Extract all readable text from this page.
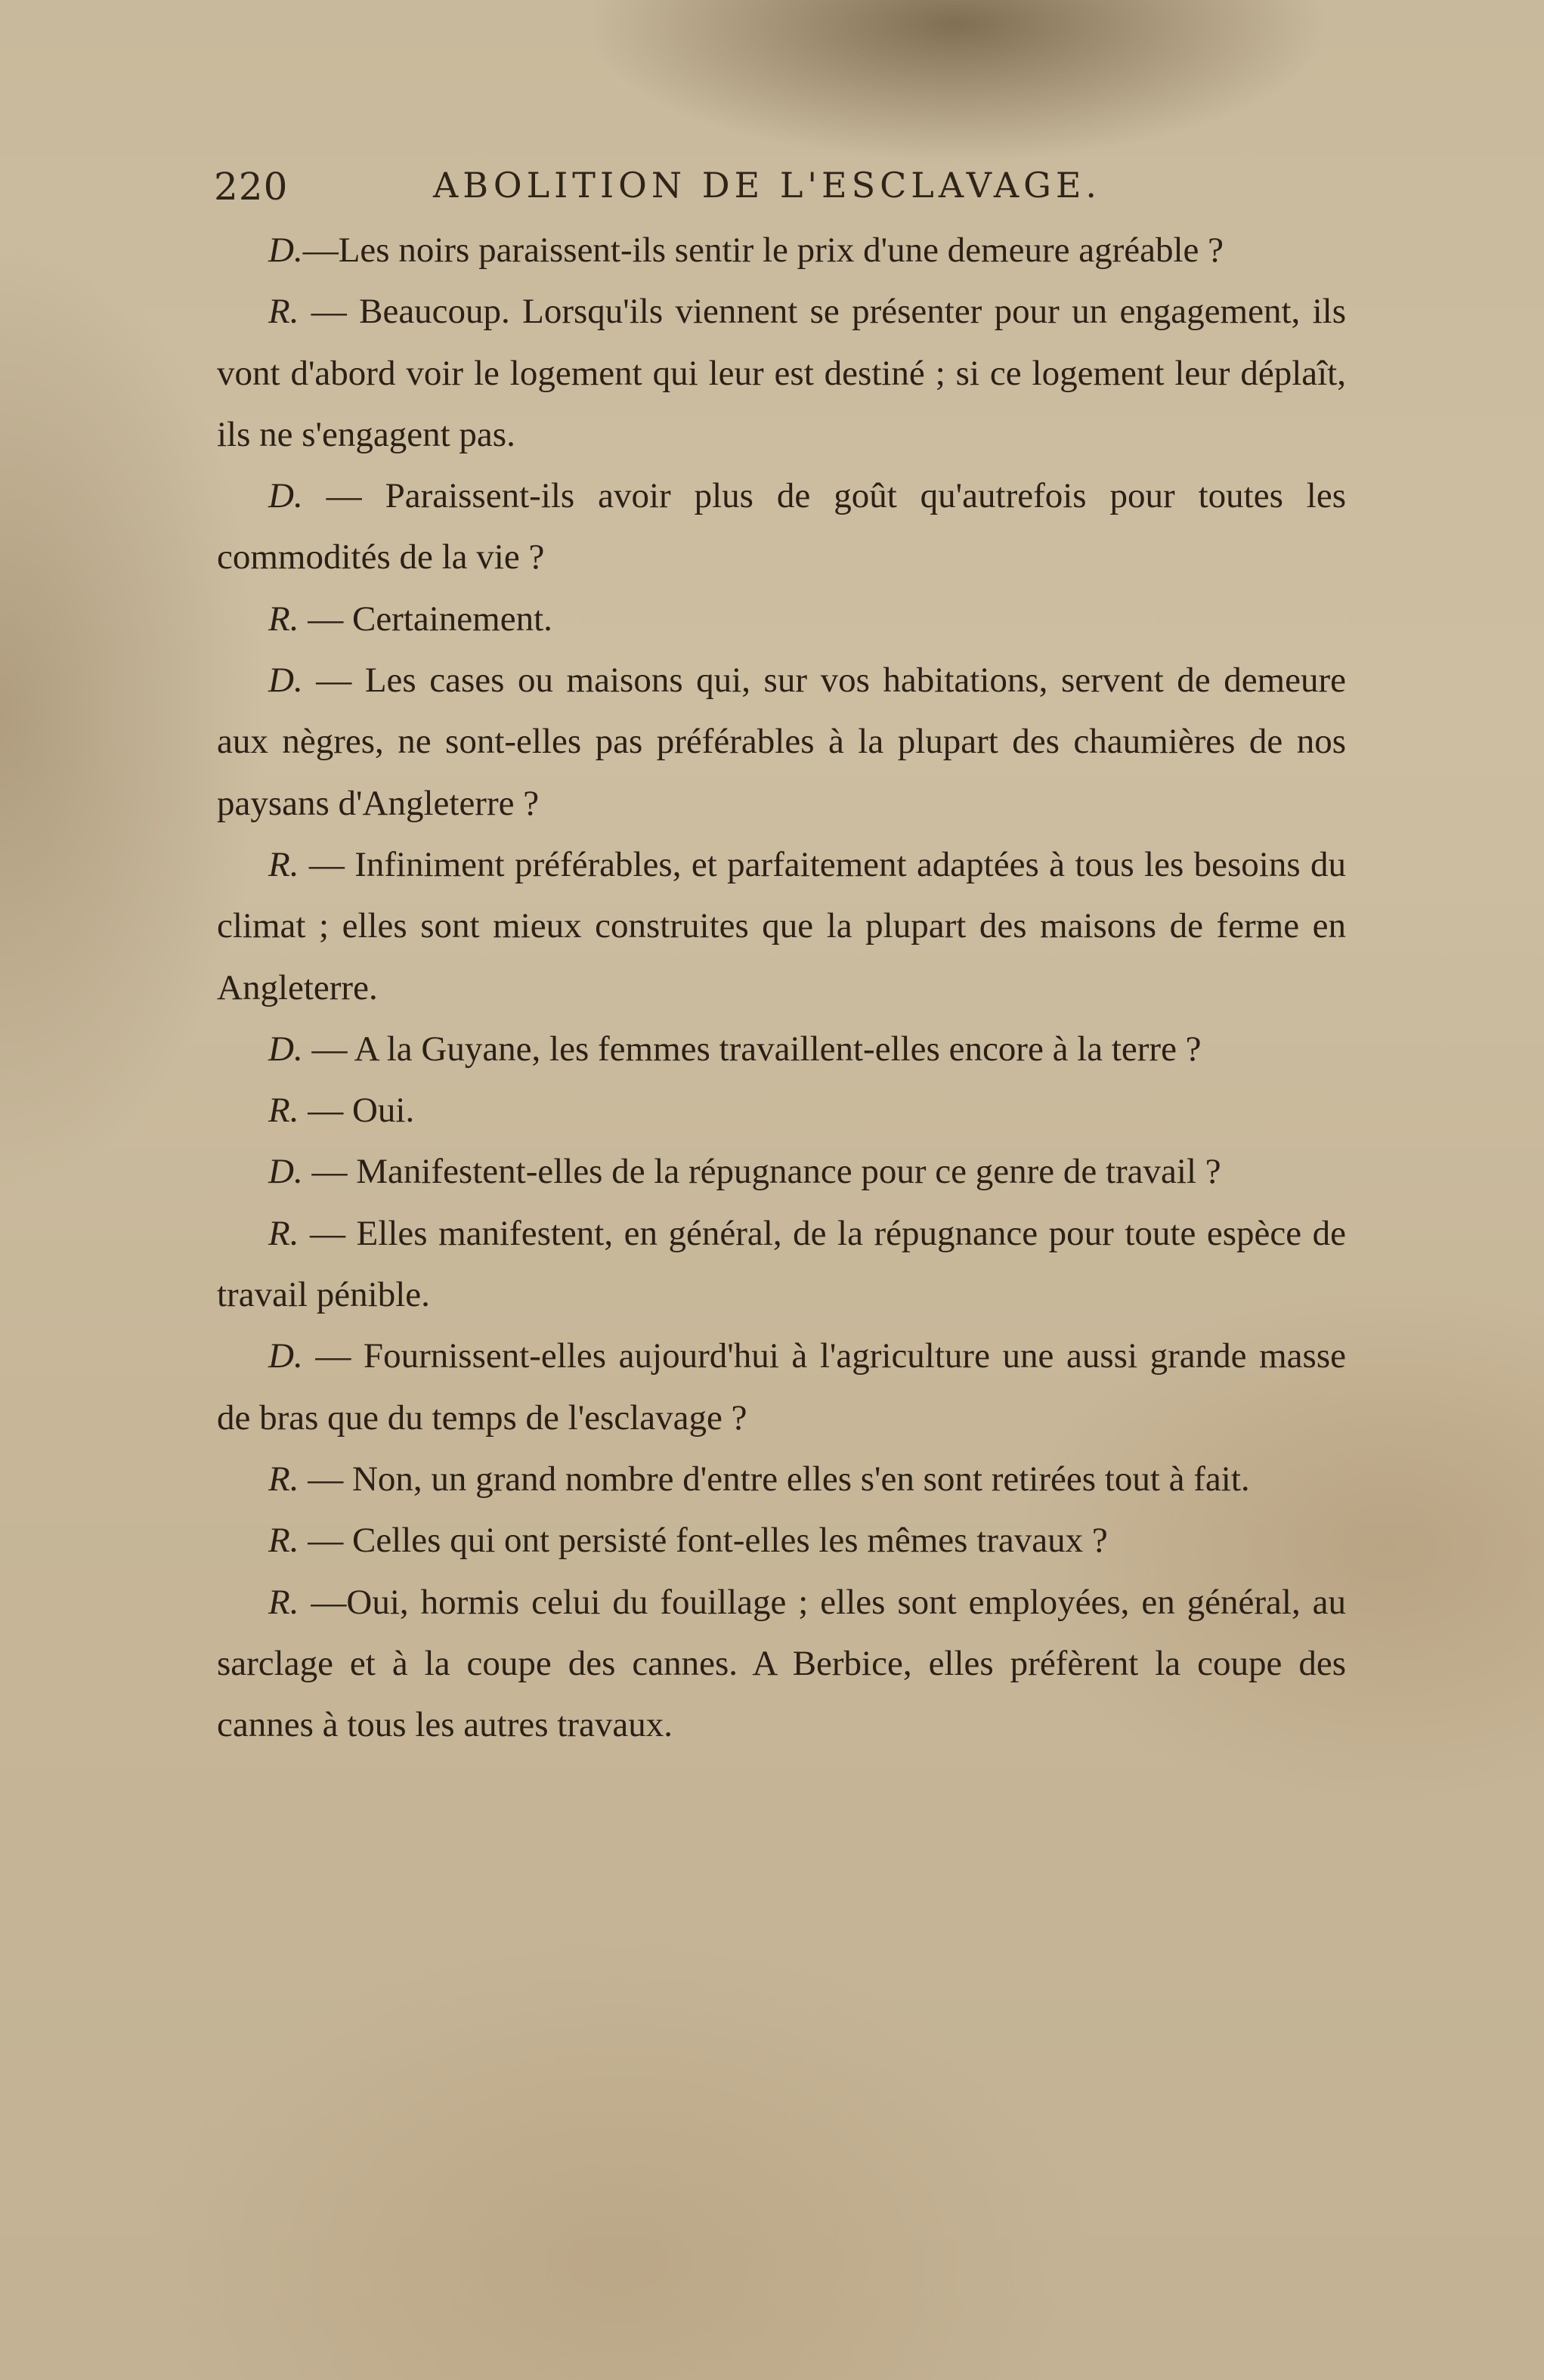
220	ABOLITION DE L'ESCLAVAGE.

D.—Les noirs paraissent-ils sentir le prix d'une demeure agréable ?

R. — Beaucoup. Lorsqu'ils viennent se présenter pour un engagement, ils vont d'abord voir le logement qui leur est destiné ; si ce logement leur déplaît, ils ne s'engagent pas.

D. — Paraissent-ils avoir plus de goût qu'autrefois pour toutes les commodités de la vie ?

R. — Certainement.

D. — Les cases ou maisons qui, sur vos habitations, servent de demeure aux nègres, ne sont-elles pas préférables à la plupart des chaumières de nos paysans d'Angleterre ?

R. — Infiniment préférables, et parfaitement adaptées à tous les besoins du climat ; elles sont mieux construites que la plupart des maisons de ferme en Angleterre.

D. — A la Guyane, les femmes travaillent-elles encore à la terre ?

R. — Oui.

D. — Manifestent-elles de la répugnance pour ce genre de travail ?

R. — Elles manifestent, en général, de la répugnance pour toute espèce de travail pénible.

D. — Fournissent-elles aujourd'hui à l'agriculture une aussi grande masse de bras que du temps de l'esclavage ?

R. — Non, un grand nombre d'entre elles s'en sont retirées tout à fait.

R. — Celles qui ont persisté font-elles les mêmes travaux ?

R. —Oui, hormis celui du fouillage ; elles sont employées, en général, au sarclage et à la coupe des cannes. A Berbice, elles préfèrent la coupe des cannes à tous les autres travaux.
